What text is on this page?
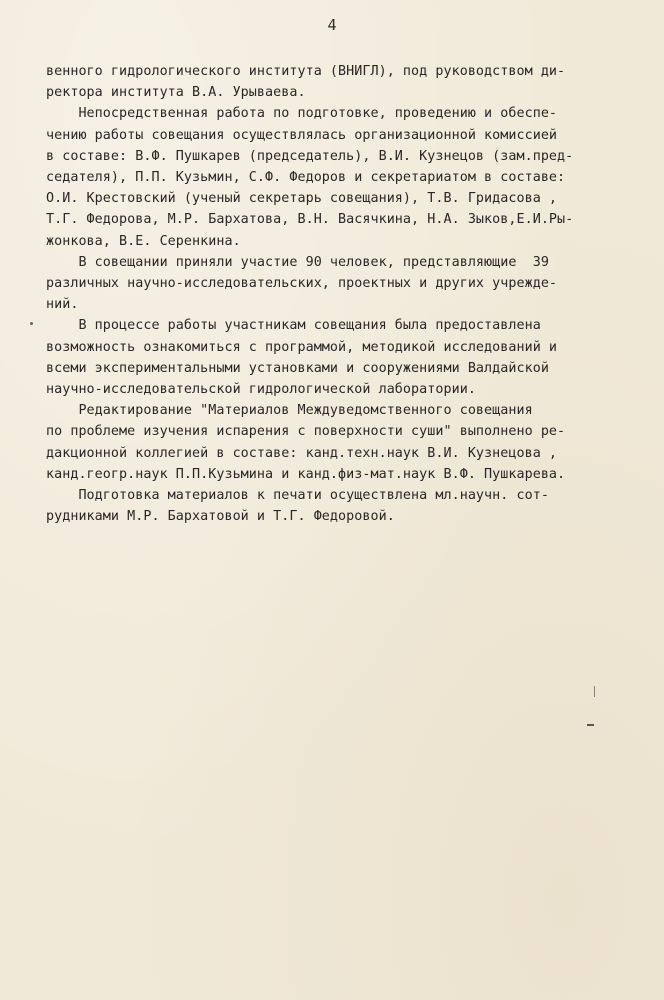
4
венного гидрологического института (ВНИГЛ), под руководством ди-
ректора института В.А. Урываева.
Непосредственная работа по подготовке, проведению и обеспе-
чению работы совещания осуществлялась организационной комиссией
в составе: В.Ф. Пушкарев (председатель), В.И. Кузнецов (зам.пред-
седателя), П.П. Кузьмин, С.Ф. Федоров и секретариатом в составе:
О.И. Крестовский (ученый секретарь совещания), Т.В. Гридасова ,
Т.Г. Федорова, М.Р. Бархатова, В.Н. Васячкина, Н.А. Зыков,Е.И.Ры-
жонкова, В.Е. Серенкина.
В совещании приняли участие 90 человек, представляющие  39
различных научно-исследовательских, проектных и других учрежде-
ний.
В процессе работы участникам совещания была предоставлена
возможность ознакомиться с программой, методикой исследований и
всеми экспериментальными установками и сооружениями Валдайской
научно-исследовательской гидрологической лаборатории.
Редактирование "Материалов Междуведомственного совещания
по проблеме изучения испарения с поверхности суши" выполнено ре-
дакционной коллегией в составе: канд.техн.наук В.И. Кузнецова ,
канд.геогр.наук П.П.Кузьмина и канд.физ-мат.наук В.Ф. Пушкарева.
Подготовка материалов к печати осуществлена мл.научн. сот-
рудниками М.Р. Бархатовой и Т.Г. Федоровой.
